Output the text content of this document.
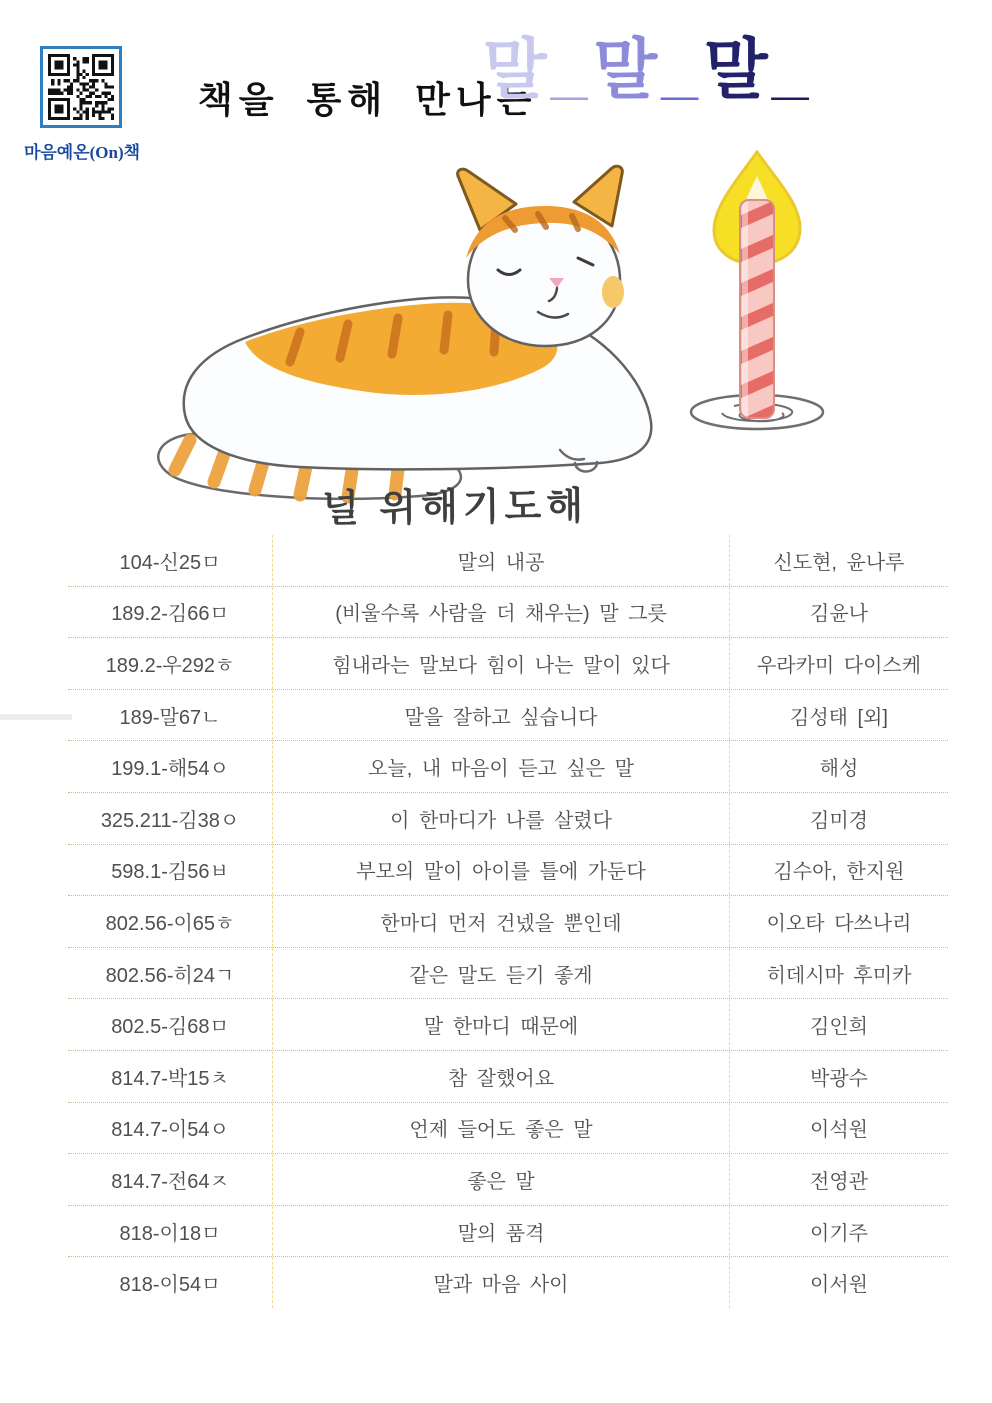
마음예온(On)책
책을 통해 만나는
말_말_말_
널 위해기도해
104-신25ㅁ	말의 내공	신도현, 윤나루
189.2-김66ㅁ	(비울수록 사람을 더 채우는) 말 그릇	김윤나
189.2-우292ㅎ	힘내라는 말보다 힘이 나는 말이 있다	우라카미 다이스케
189-말67ㄴ	말을 잘하고 싶습니다	김성태 [외]
199.1-해54ㅇ	오늘, 내 마음이 듣고 싶은 말	해성
325.211-김38ㅇ	이 한마디가 나를 살렸다	김미경
598.1-김56ㅂ	부모의 말이 아이를 틀에 가둔다	김수아, 한지원
802.56-이65ㅎ	한마디 먼저 건넸을 뿐인데	이오타 다쓰나리
802.56-히24ㄱ	같은 말도 듣기 좋게	히데시마 후미카
802.5-김68ㅁ	말 한마디 때문에	김인희
814.7-박15ㅊ	참 잘했어요	박광수
814.7-이54ㅇ	언제 들어도 좋은 말	이석원
814.7-전64ㅈ	좋은 말	전영관
818-이18ㅁ	말의 품격	이기주
818-이54ㅁ	말과 마음 사이	이서원
